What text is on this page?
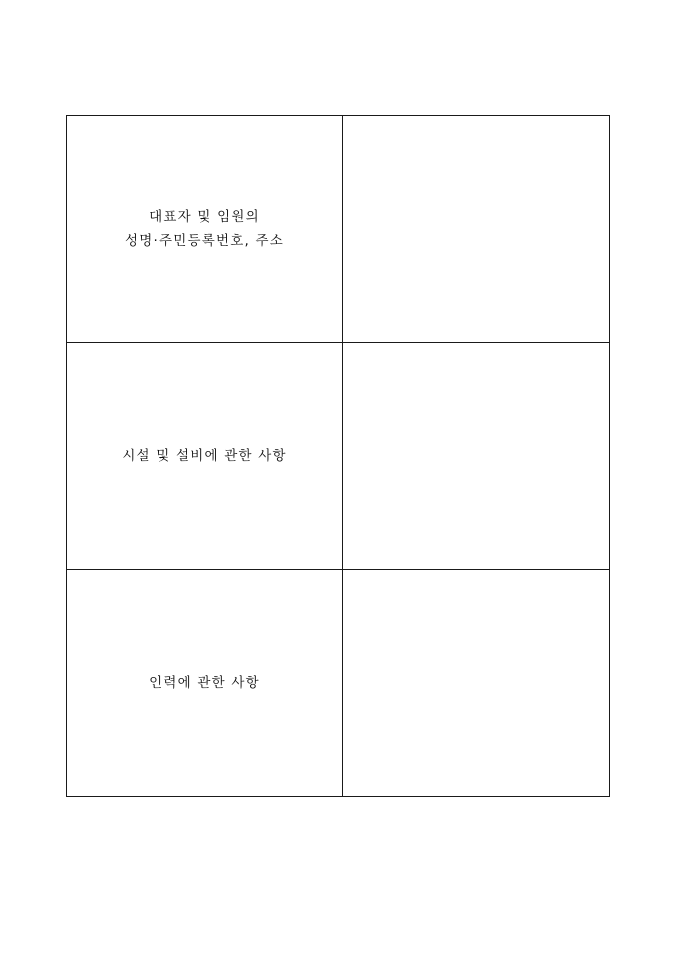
대표자 및 임원의
성명·주민등록번호, 주소	

시설 및 설비에 관한 사항	

인력에 관한 사항	
